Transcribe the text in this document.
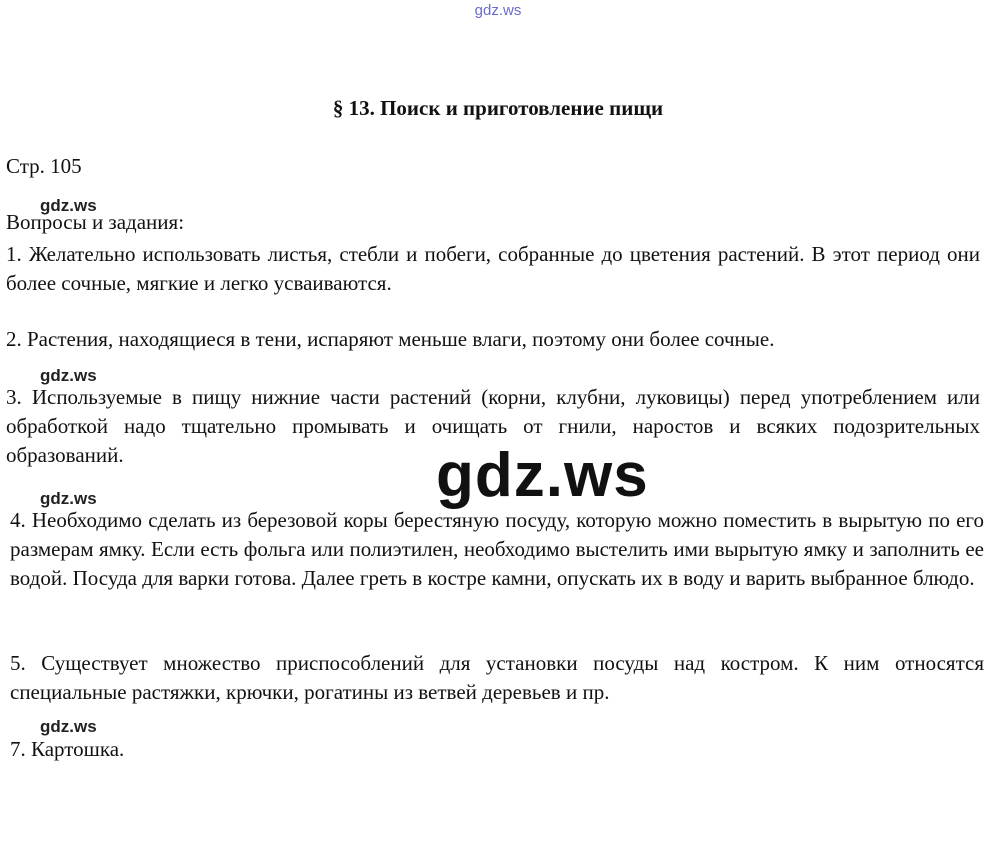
gdz.ws
§ 13. Поиск и приготовление пищи
Стр. 105
gdz.ws
Вопросы и задания:
1. Желательно использовать листья, стебли и побеги, собранные до цветения растений. В этот период они более сочные, мягкие и легко усваиваются.
2. Растения, находящиеся в тени, испаряют меньше влаги, поэтому они более сочные.
gdz.ws
3. Используемые в пищу нижние части растений (корни, клубни, луковицы) перед употреблением или обработкой надо тщательно промывать и очищать от гнили, наростов и всяких подозрительных образований.	gdz.ws
gdz.ws
4. Необходимо сделать из березовой коры берестяную посуду, которую можно поместить в вырытую по его размерам ямку. Если есть фольга или полиэтилен, необходимо выстелить ими вырытую ямку и заполнить ее водой. Посуда для варки готова. Далее греть в костре камни, опускать их в воду и варить выбранное блюдо.
5. Существует множество приспособлений для установки посуды над костром. К ним относятся специальные растяжки, крючки, рогатины из ветвей деревьев и пр.
gdz.ws
7. Картошка.
